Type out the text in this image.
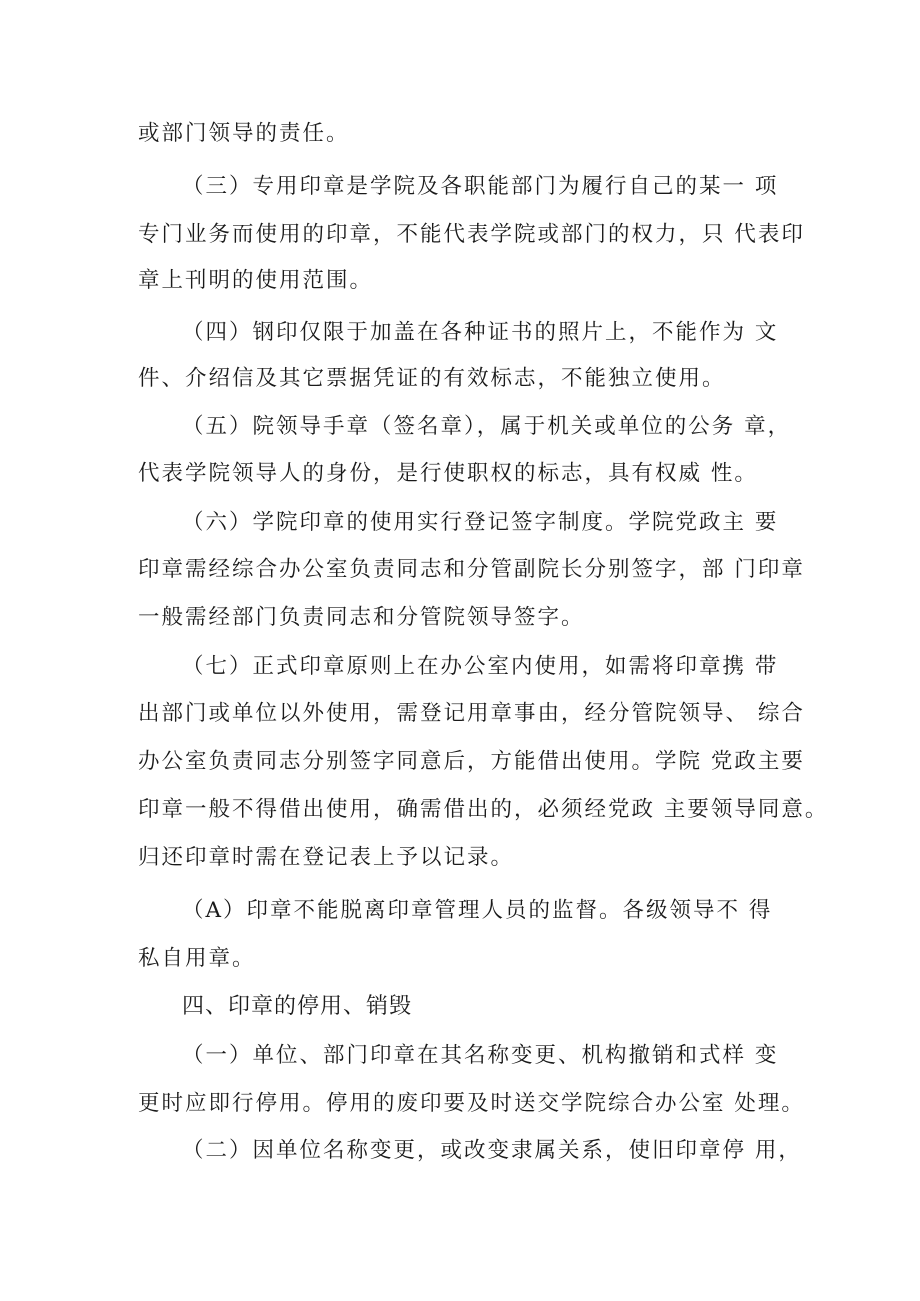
或部门领导的责任。
（三）专用印章是学院及各职能部门为履行自己的某一 项
专门业务而使用的印章，不能代表学院或部门的权力，只 代表印
章上刊明的使用范围。
（四）钢印仅限于加盖在各种证书的照片上，不能作为 文
件、介绍信及其它票据凭证的有效标志，不能独立使用。
（五）院领导手章（签名章），属于机关或单位的公务 章，
代表学院领导人的身份，是行使职权的标志，具有权威 性。
（六）学院印章的使用实行登记签字制度。学院党政主 要
印章需经综合办公室负责同志和分管副院长分别签字，部 门印章
一般需经部门负责同志和分管院领导签字。
（七）正式印章原则上在办公室内使用，如需将印章携 带
出部门或单位以外使用，需登记用章事由，经分管院领导、 综合
办公室负责同志分别签字同意后，方能借出使用。学院 党政主要
印章一般不得借出使用，确需借出的，必须经党政 主要领导同意。
归还印章时需在登记表上予以记录。
（A）印章不能脱离印章管理人员的监督。各级领导不 得
私自用章。
四、印章的停用、销毁
（一）单位、部门印章在其名称变更、机构撤销和式样 变
更时应即行停用。停用的废印要及时送交学院综合办公室 处理。
（二）因单位名称变更，或改变隶属关系，使旧印章停 用，
